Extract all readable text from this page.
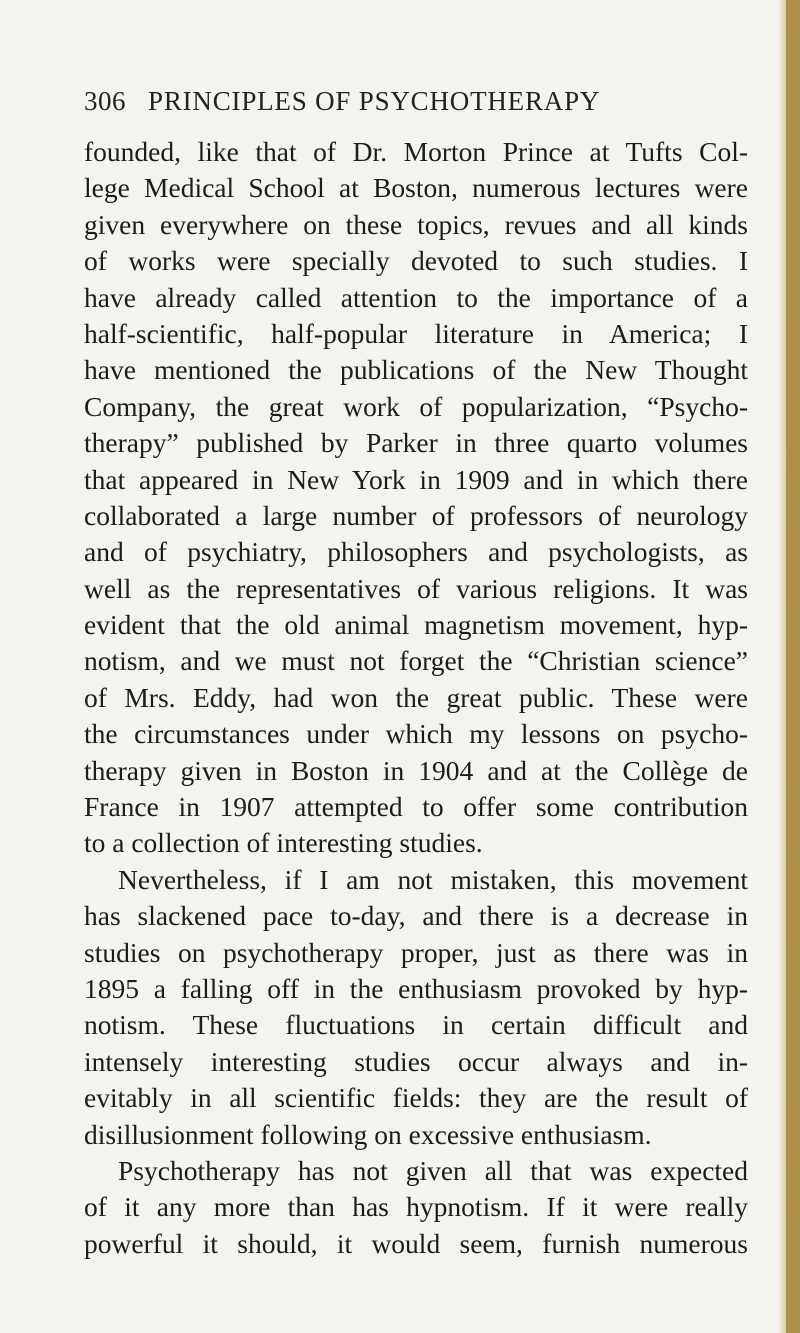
306 PRINCIPLES OF PSYCHOTHERAPY
founded, like that of Dr. Morton Prince at Tufts Col-
lege Medical School at Boston, numerous lectures were
given everywhere on these topics, revues and all kinds
of works were specially devoted to such studies. I
have already called attention to the importance of a
half-scientific, half-popular literature in America; I
have mentioned the publications of the New Thought
Company, the great work of popularization, “Psycho-
therapy” published by Parker in three quarto volumes
that appeared in New York in 1909 and in which there
collaborated a large number of professors of neurology
and of psychiatry, philosophers and psychologists, as
well as the representatives of various religions. It was
evident that the old animal magnetism movement, hyp-
notism, and we must not forget the “Christian science”
of Mrs. Eddy, had won the great public. These were
the circumstances under which my lessons on psycho-
therapy given in Boston in 1904 and at the Collège de
France in 1907 attempted to offer some contribution
to a collection of interesting studies.
Nevertheless, if I am not mistaken, this movement
has slackened pace to-day, and there is a decrease in
studies on psychotherapy proper, just as there was in
1895 a falling off in the enthusiasm provoked by hyp-
notism. These fluctuations in certain difficult and
intensely interesting studies occur always and in-
evitably in all scientific fields: they are the result of
disillusionment following on excessive enthusiasm.
Psychotherapy has not given all that was expected
of it any more than has hypnotism. If it were really
powerful it should, it would seem, furnish numerous
